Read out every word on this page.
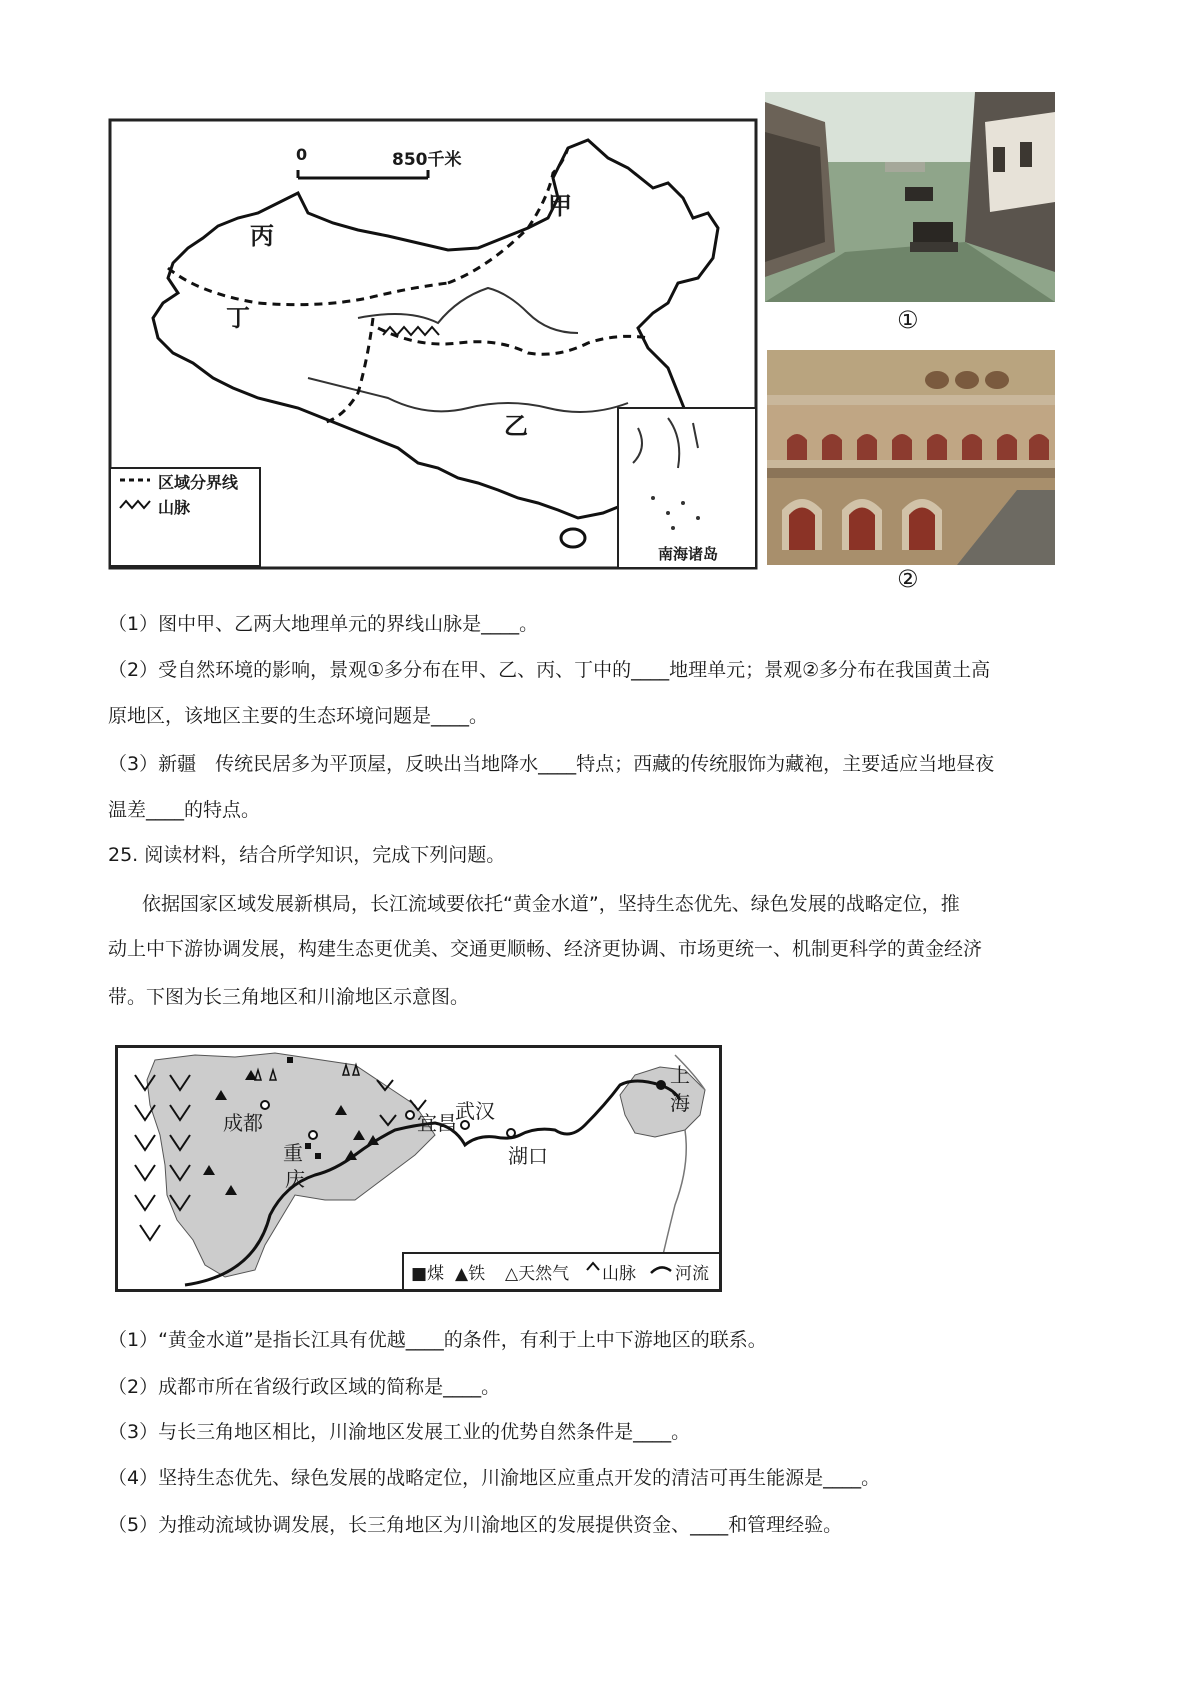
0	850千米
甲
丙
丁
乙
区域分界线
山脉
南海诸岛
①
②
（1）图中甲、乙两大地理单元的界线山脉是____。
（2）受自然环境的影响，景观①多分布在甲、乙、丙、丁中的____地理单元；景观②多分布在我国黄土高
原地区，该地区主要的生态环境问题是____。
（3）新疆　传统民居多为平顶屋，反映出当地降水____特点；西藏的传统服饰为藏袍，主要适应当地昼夜
温差____的特点。
25. 阅读材料，结合所学知识，完成下列问题。
依据国家区域发展新棋局，长江流域要依托“黄金水道”，坚持生态优先、绿色发展的战略定位，推
动上中下游协调发展，构建生态更优美、交通更顺畅、经济更协调、市场更统一、机制更科学的黄金经济
带。下图为长三角地区和川渝地区示意图。
成都
重
庆
宜昌
武汉
湖口
上
海
■煤 ▲铁 △天然气 山脉 河流
（1）“黄金水道”是指长江具有优越____的条件，有利于上中下游地区的联系。
（2）成都市所在省级行政区域的简称是____。
（3）与长三角地区相比，川渝地区发展工业的优势自然条件是____。
（4）坚持生态优先、绿色发展的战略定位，川渝地区应重点开发的清洁可再生能源是____。
（5）为推动流域协调发展，长三角地区为川渝地区的发展提供资金、____和管理经验。
